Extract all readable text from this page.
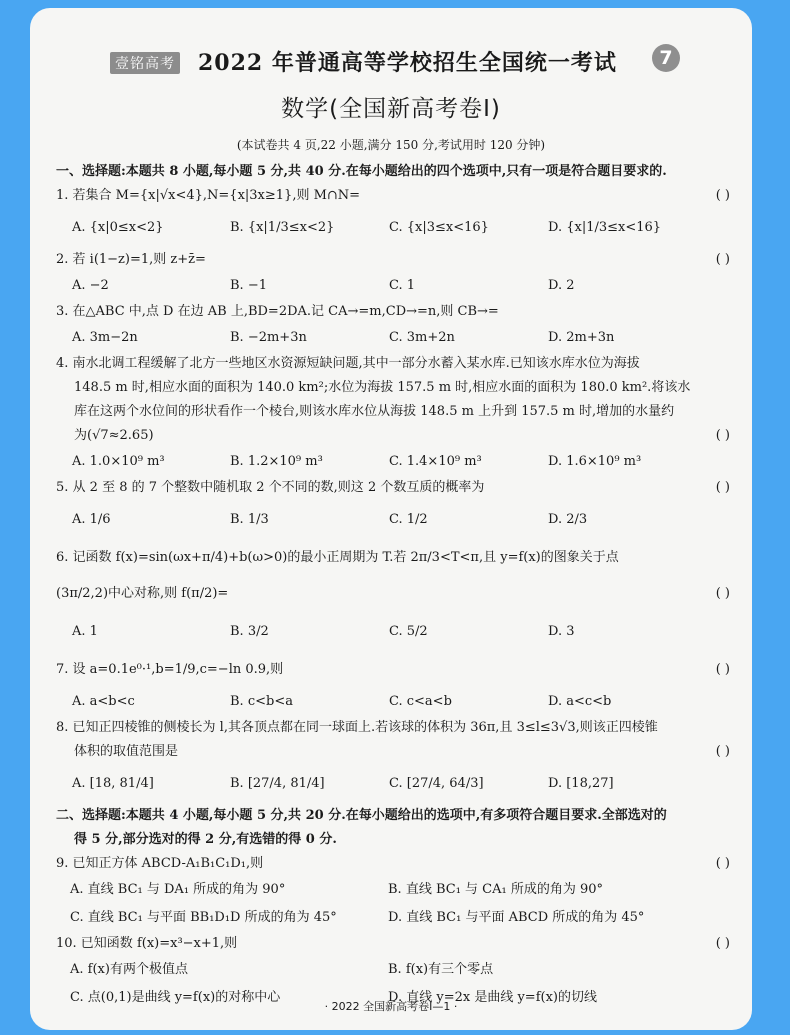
壹铭高考 2022 年普通高等学校招生全国统一考试	7
数学(全国新高考卷Ⅰ)
(本试卷共 4 页,22 小题,满分 150 分,考试用时 120 分钟)
一、选择题:本题共 8 小题,每小题 5 分,共 40 分.在每小题给出的四个选项中,只有一项是符合题目要求的.
1. 若集合 M={x|√x<4},N={x|3x≥1},则 M∩N=	( )
A. {x|0≤x<2}	B. {x|1/3≤x<2}	C. {x|3≤x<16}	D. {x|1/3≤x<16}
2. 若 i(1−z)=1,则 z+z̄=	( )
A. −2	B. −1	C. 1	D. 2
3. 在△ABC 中,点 D 在边 AB 上,BD=2DA.记 CA→=m,CD→=n,则 CB→=
A. 3m−2n	B. −2m+3n	C. 3m+2n	D. 2m+3n
4. 南水北调工程缓解了北方一些地区水资源短缺问题,其中一部分水蓄入某水库.已知该水库水位为海拔
148.5 m 时,相应水面的面积为 140.0 km²;水位为海拔 157.5 m 时,相应水面的面积为 180.0 km².将该水
库在这两个水位间的形状看作一个棱台,则该水库水位从海拔 148.5 m 上升到 157.5 m 时,增加的水量约
为(√7≈2.65)	( )
A. 1.0×10⁹ m³	B. 1.2×10⁹ m³	C. 1.4×10⁹ m³	D. 1.6×10⁹ m³
5. 从 2 至 8 的 7 个整数中随机取 2 个不同的数,则这 2 个数互质的概率为	( )
A. 1/6	B. 1/3	C. 1/2	D. 2/3
6. 记函数 f(x)=sin(ωx+π/4)+b(ω>0)的最小正周期为 T.若 2π/3<T<π,且 y=f(x)的图象关于点
(3π/2,2)中心对称,则 f(π/2)=	( )
A. 1	B. 3/2	C. 5/2	D. 3
7. 设 a=0.1e⁰·¹,b=1/9,c=−ln 0.9,则	( )
A. a<b<c	B. c<b<a	C. c<a<b	D. a<c<b
8. 已知正四棱锥的侧棱长为 l,其各顶点都在同一球面上.若该球的体积为 36π,且 3≤l≤3√3,则该正四棱锥
体积的取值范围是	( )
A. [18, 81/4]	B. [27/4, 81/4]	C. [27/4, 64/3]	D. [18,27]
二、选择题:本题共 4 小题,每小题 5 分,共 20 分.在每小题给出的选项中,有多项符合题目要求.全部选对的
得 5 分,部分选对的得 2 分,有选错的得 0 分.
9. 已知正方体 ABCD-A₁B₁C₁D₁,则	( )
A. 直线 BC₁ 与 DA₁ 所成的角为 90°	B. 直线 BC₁ 与 CA₁ 所成的角为 90°
C. 直线 BC₁ 与平面 BB₁D₁D 所成的角为 45°	D. 直线 BC₁ 与平面 ABCD 所成的角为 45°
10. 已知函数 f(x)=x³−x+1,则	( )
A. f(x)有两个极值点	B. f(x)有三个零点
C. 点(0,1)是曲线 y=f(x)的对称中心	D. 直线 y=2x 是曲线 y=f(x)的切线
· 2022 全国新高考卷Ⅰ—1 ·
